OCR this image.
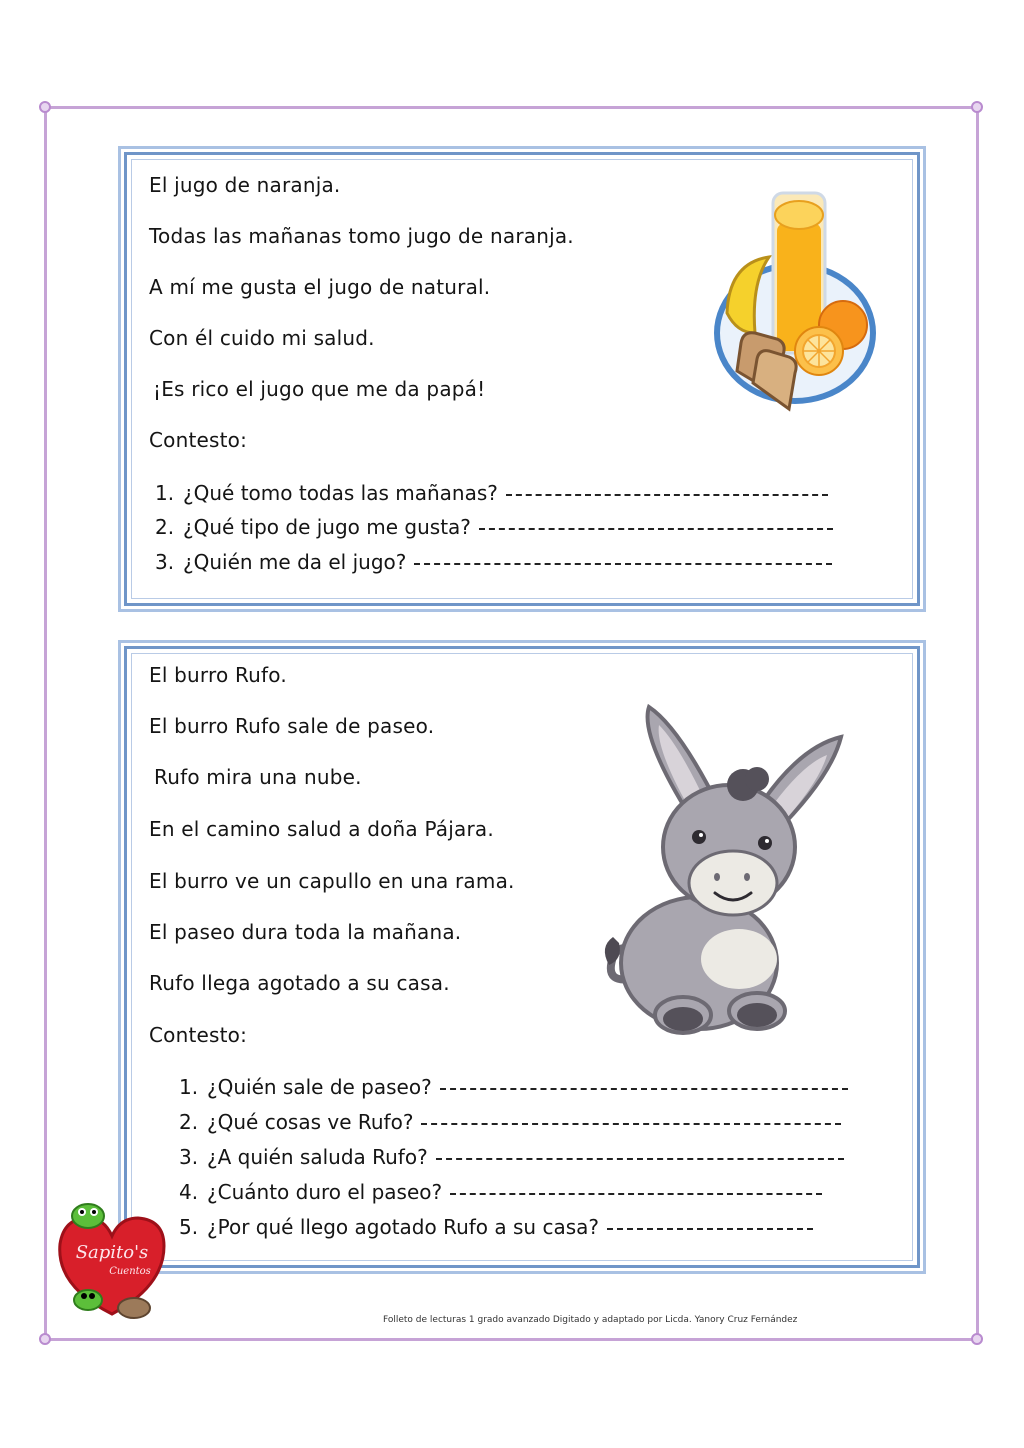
El jugo de naranja.
Todas las mañanas tomo jugo de naranja.
A mí me gusta el jugo de natural.
Con él cuido mi salud.
¡Es rico el jugo que me da papá!
Contesto:
1. ¿Qué tomo todas las mañanas?
2. ¿Qué tipo de jugo me gusta?
3. ¿Quién me da el jugo?
El burro Rufo.
El burro Rufo sale de paseo.
Rufo mira una nube.
En el camino salud a doña Pájara.
El burro ve un capullo en una rama.
El paseo dura toda la mañana.
Rufo llega agotado a su casa.
Contesto:
1. ¿Quién sale de paseo?
2. ¿Qué cosas ve Rufo?
3. ¿A quién saluda Rufo?
4. ¿Cuánto duro el paseo?
5. ¿Por qué llego agotado Rufo a su casa?
Sapito's
Cuentos
Folleto de lecturas 1 grado avanzado Digitado y adaptado por Licda. Yanory Cruz Fernández
